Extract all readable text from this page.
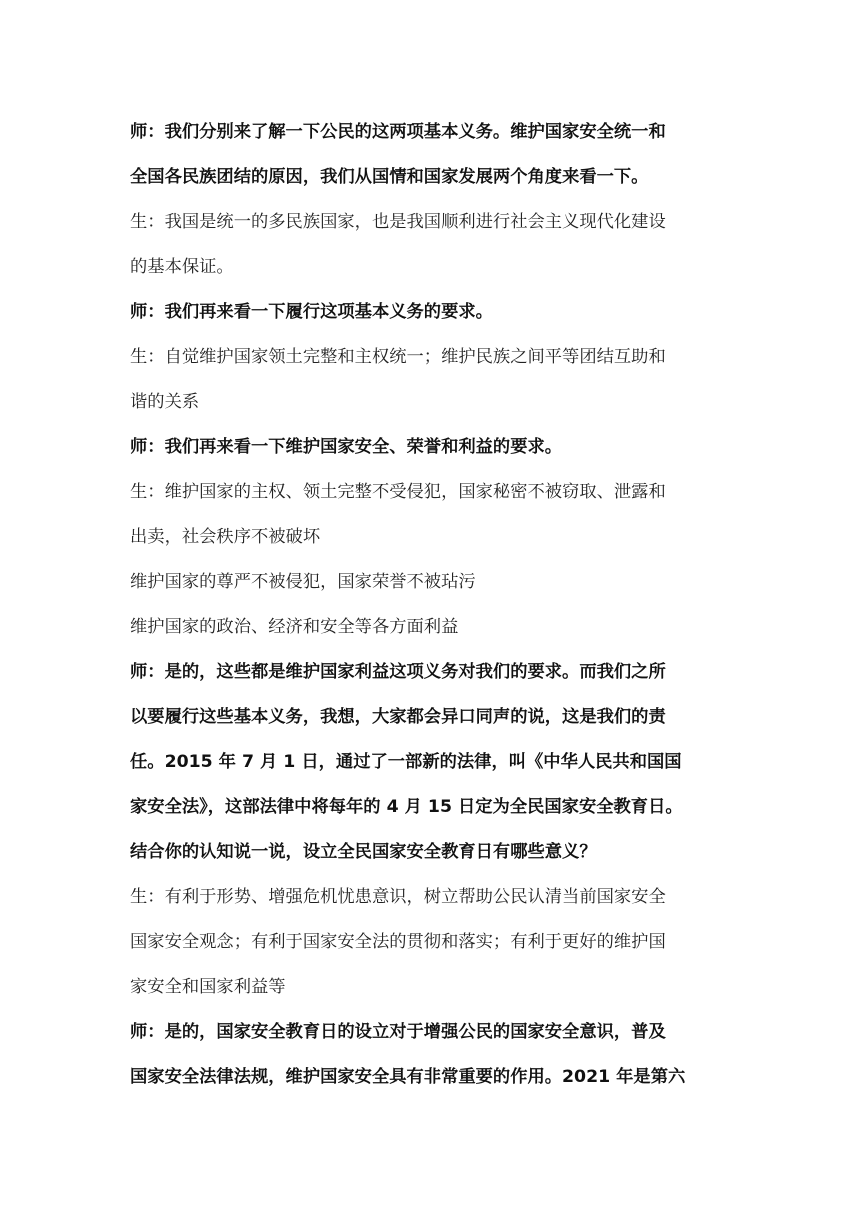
师：我们分别来了解一下公民的这两项基本义务。维护国家安全统一和
全国各民族团结的原因，我们从国情和国家发展两个角度来看一下。
生：我国是统一的多民族国家，也是我国顺利进行社会主义现代化建设
的基本保证。
师：我们再来看一下履行这项基本义务的要求。
生：自觉维护国家领土完整和主权统一；维护民族之间平等团结互助和
谐的关系
师：我们再来看一下维护国家安全、荣誉和利益的要求。
生：维护国家的主权、领土完整不受侵犯，国家秘密不被窃取、泄露和
出卖，社会秩序不被破坏
维护国家的尊严不被侵犯，国家荣誉不被玷污
维护国家的政治、经济和安全等各方面利益
师：是的，这些都是维护国家利益这项义务对我们的要求。而我们之所
以要履行这些基本义务，我想，大家都会异口同声的说，这是我们的责
任。2015 年 7 月 1 日，通过了一部新的法律，叫《中华人民共和国国
家安全法》，这部法律中将每年的 4 月 15 日定为全民国家安全教育日。
结合你的认知说一说，设立全民国家安全教育日有哪些意义？
生：有利于形势、增强危机忧患意识，树立帮助公民认清当前国家安全
国家安全观念；有利于国家安全法的贯彻和落实；有利于更好的维护国
家安全和国家利益等
师：是的，国家安全教育日的设立对于增强公民的国家安全意识，普及
国家安全法律法规，维护国家安全具有非常重要的作用。2021 年是第六
